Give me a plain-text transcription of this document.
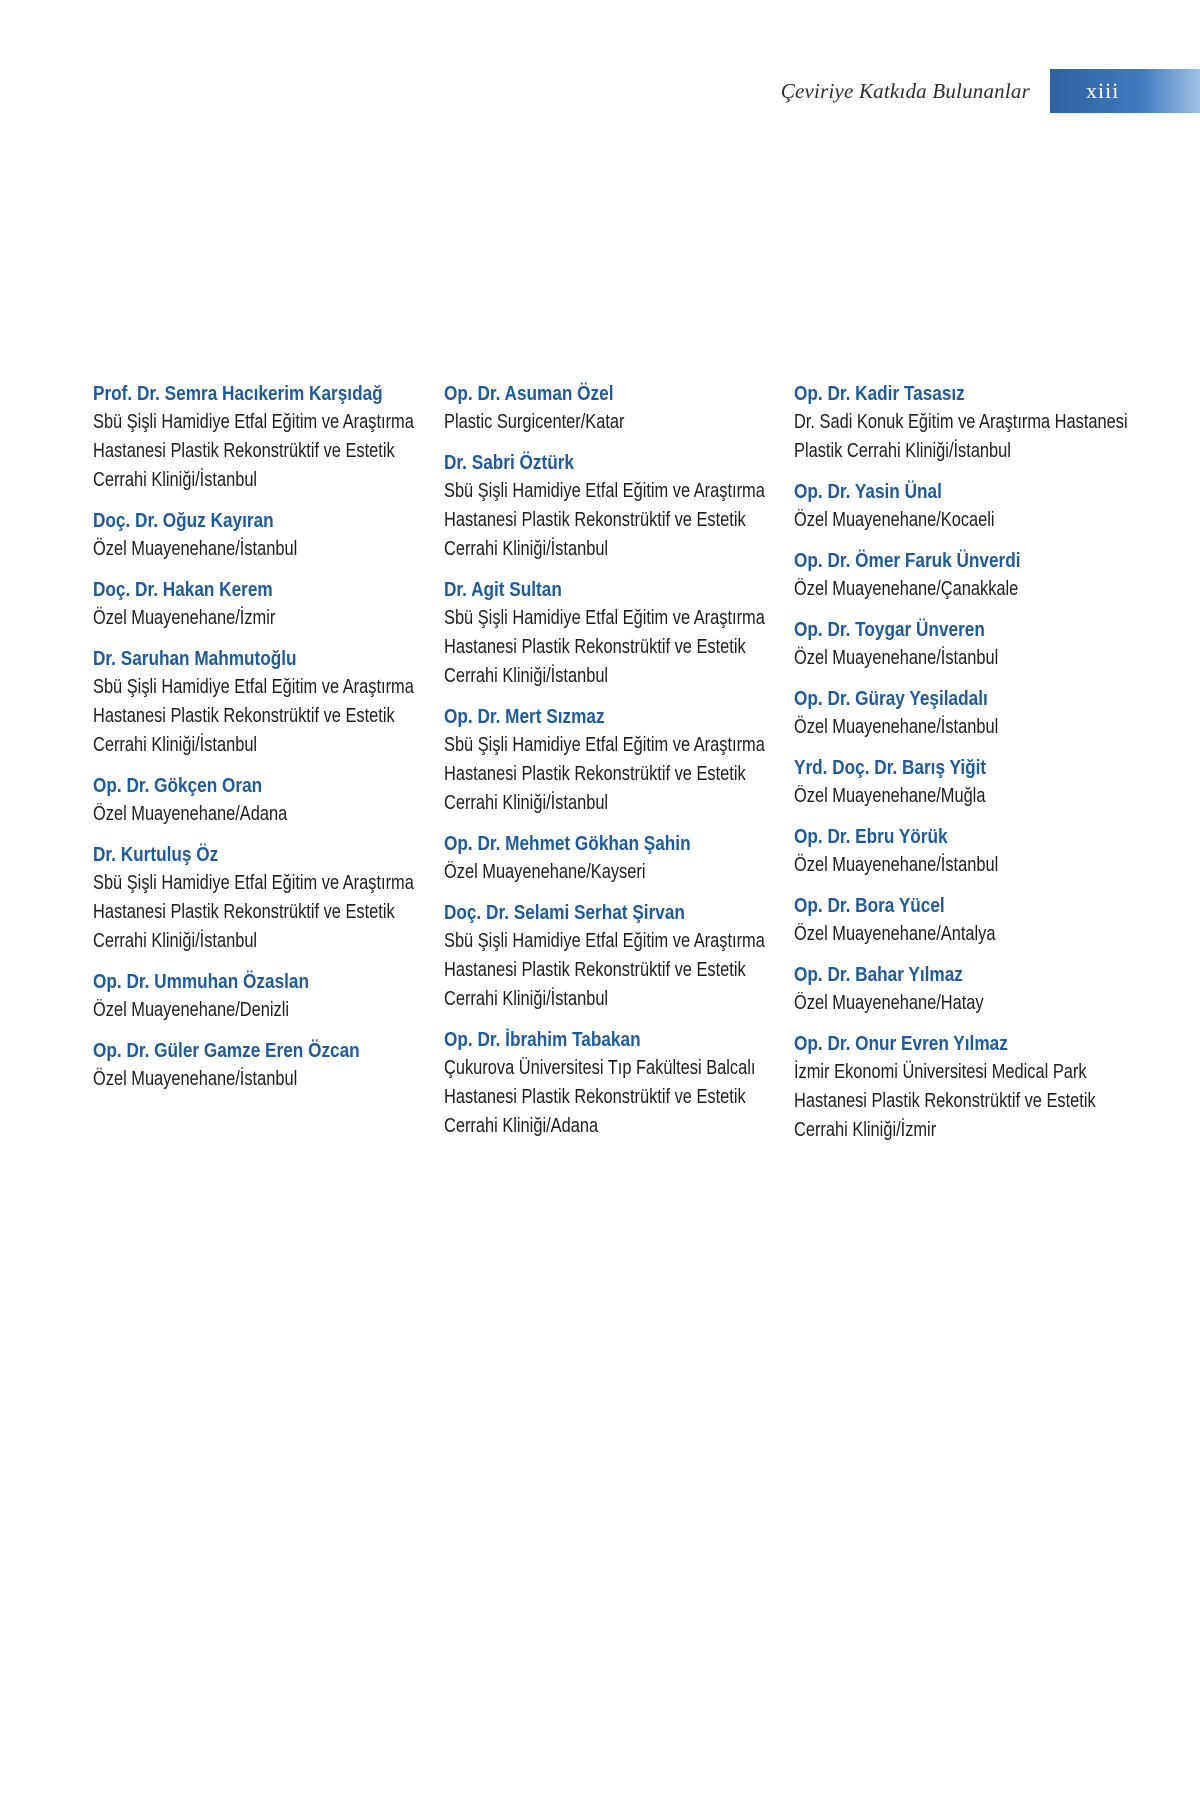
Çeviriye Katkıda Bulunanlar	xiii
Prof. Dr. Semra Hacıkerim Karşıdağ
Sbü Şişli Hamidiye Etfal Eğitim ve Araştırma Hastanesi Plastik Rekonstrüktif ve Estetik Cerrahi Kliniği/İstanbul
Doç. Dr. Oğuz Kayıran
Özel Muayenehane/İstanbul
Doç. Dr. Hakan Kerem
Özel Muayenehane/İzmir
Dr. Saruhan Mahmutoğlu
Sbü Şişli Hamidiye Etfal Eğitim ve Araştırma Hastanesi Plastik Rekonstrüktif ve Estetik Cerrahi Kliniği/İstanbul
Op. Dr. Gökçen Oran
Özel Muayenehane/Adana
Dr. Kurtuluş Öz
Sbü Şişli Hamidiye Etfal Eğitim ve Araştırma Hastanesi Plastik Rekonstrüktif ve Estetik Cerrahi Kliniği/İstanbul
Op. Dr. Ummuhan Özaslan
Özel Muayenehane/Denizli
Op. Dr. Güler Gamze Eren Özcan
Özel Muayenehane/İstanbul
Op. Dr. Asuman Özel
Plastic Surgicenter/Katar
Dr. Sabri Öztürk
Sbü Şişli Hamidiye Etfal Eğitim ve Araştırma Hastanesi Plastik Rekonstrüktif ve Estetik Cerrahi Kliniği/İstanbul
Dr. Agit Sultan
Sbü Şişli Hamidiye Etfal Eğitim ve Araştırma Hastanesi Plastik Rekonstrüktif ve Estetik Cerrahi Kliniği/İstanbul
Op. Dr. Mert Sızmaz
Sbü Şişli Hamidiye Etfal Eğitim ve Araştırma Hastanesi Plastik Rekonstrüktif ve Estetik Cerrahi Kliniği/İstanbul
Op. Dr. Mehmet Gökhan Şahin
Özel Muayenehane/Kayseri
Doç. Dr. Selami Serhat Şirvan
Sbü Şişli Hamidiye Etfal Eğitim ve Araştırma Hastanesi Plastik Rekonstrüktif ve Estetik Cerrahi Kliniği/İstanbul
Op. Dr. İbrahim Tabakan
Çukurova Üniversitesi Tıp Fakültesi Balcalı Hastanesi Plastik Rekonstrüktif ve Estetik Cerrahi Kliniği/Adana
Op. Dr. Kadir Tasasız
Dr. Sadi Konuk Eğitim ve Araştırma Hastanesi Plastik Cerrahi Kliniği/İstanbul
Op. Dr. Yasin Ünal
Özel Muayenehane/Kocaeli
Op. Dr. Ömer Faruk Ünverdi
Özel Muayenehane/Çanakkale
Op. Dr. Toygar Ünveren
Özel Muayenehane/İstanbul
Op. Dr. Güray Yeşiladalı
Özel Muayenehane/İstanbul
Yrd. Doç. Dr. Barış Yiğit
Özel Muayenehane/Muğla
Op. Dr. Ebru Yörük
Özel Muayenehane/İstanbul
Op. Dr. Bora Yücel
Özel Muayenehane/Antalya
Op. Dr. Bahar Yılmaz
Özel Muayenehane/Hatay
Op. Dr. Onur Evren Yılmaz
İzmir Ekonomi Üniversitesi Medical Park Hastanesi Plastik Rekonstrüktif ve Estetik Cerrahi Kliniği/İzmir
